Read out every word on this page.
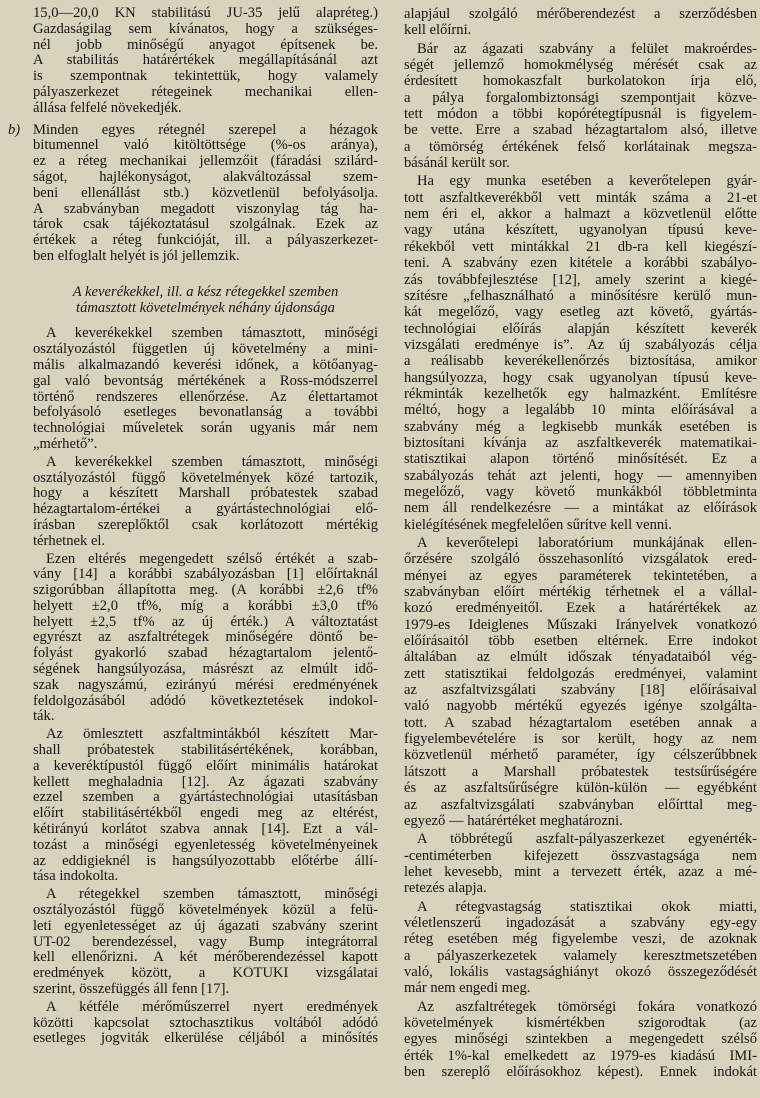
15,0—20,0 KN stabilitású JU-35 jelű alapréteg.)
Gazdaságilag sem kívánatos, hogy a szükséges-
nél jobb minőségű anyagot építsenek be.
A stabilitás határértékek megállapításánál azt
is szempontnak tekintettük, hogy valamely
pályaszerkezet rétegeinek mechanikai ellen-
állása felfelé növekedjék.
b) Minden egyes rétegnél szerepel a hézagok
bitumennel való kitöltöttsége (%-os aránya),
ez a réteg mechanikai jellemzőit (fáradási szilárd-
ságot, hajlékonyságot, alakváltozással szem-
beni ellenállást stb.) közvetlenül befolyásolja.
A szabványban megadott viszonylag tág ha-
tárok csak tájékoztatásul szolgálnak. Ezek az
értékek a réteg funkcióját, ill. a pályaszerkezet-
ben elfoglalt helyét is jól jellemzik.
A keverékekkel, ill. a kész rétegekkel szemben
támasztott követelmények néhány újdonsága
A keverékekkel szemben támasztott, minőségi
osztályozástól független új követelmény a mini-
mális alkalmazandó keverési időnek, a kötőanyag-
gal való bevontság mértékének a Ross-módszerrel
történő rendszeres ellenőrzése. Az élettartamot
befolyásoló esetleges bevonatlanság a további
technológiai műveletek során ugyanis már nem
„mérhető”.
A keverékekkel szemben támasztott, minőségi
osztályozástól függő követelmények közé tartozik,
hogy a készített Marshall próbatestek szabad
hézagtartalom-értékei a gyártástechnológiai elő-
írásban szereplőktől csak korlátozott mértékig
térhetnek el.
Ezen eltérés megengedett szélső értékét a szab-
vány [14] a korábbi szabályozásban [1] előírtaknál
szigorúbban állapította meg. (A korábbi ±2,6 tf%
helyett ±2,0 tf%, míg a korábbi ±3,0 tf%
helyett ±2,5 tf% az új érték.) A változtatást
egyrészt az aszfaltrétegek minőségére döntő be-
folyást gyakorló szabad hézagtartalom jelentő-
ségének hangsúlyozása, másrészt az elmúlt idő-
szak nagyszámú, ezirányú mérési eredményének
feldolgozásából adódó következtetések indokol-
ták.
Az ömlesztett aszfaltmintákból készített Mar-
shall próbatestek stabilitásértékének, korábban,
a keveréktípustól függő előírt minimális határokat
kellett meghaladnia [12]. Az ágazati szabvány
ezzel szemben a gyártástechnológiai utasításban
előírt stabilitásértékből engedi meg az eltérést,
kétirányú korlátot szabva annak [14]. Ezt a vál-
tozást a minőségi egyenletesség követelményeinek
az eddigieknél is hangsúlyozottabb előtérbe állí-
tása indokolta.
A rétegekkel szemben támasztott, minőségi
osztályozástól függő követelmények közül a felü-
leti egyenletességet az új ágazati szabvány szerint
UT-02 berendezéssel, vagy Bump integrátorral
kell ellenőrizni. A két mérőberendezéssel kapott
eredmények között, a KÖTUKI vizsgálatai
szerint, összefüggés áll fenn [17].
A kétféle mérőműszerrel nyert eredmények
közötti kapcsolat sztochasztikus voltából adódó
esetleges jogviták elkerülése céljából a minősítés
alapjául szolgáló mérőberendezést a szerződésben
kell előírni.
Bár az ágazati szabvány a felület makroérdes-
ségét jellemző homokmélység mérését csak az
érdesített homokaszfalt burkolatokon írja elő,
a pálya forgalombiztonsági szempontjait közve-
tett módon a többi kopórétegtípusnál is figyelem-
be vette. Erre a szabad hézagtartalom alsó, illetve
a tömörség értékének felső korlátainak megsza-
básánál került sor.
Ha egy munka esetében a keverőtelepen gyár-
tott aszfaltkeverékből vett minták száma a 21-et
nem éri el, akkor a halmazt a közvetlenül előtte
vagy utána készített, ugyanolyan típusú keve-
rékekből vett mintákkal 21 db-ra kell kiegészí-
teni. A szabvány ezen kitétele a korábbi szabályo-
zás továbbfejlesztése [12], amely szerint a kiegé-
szítésre „felhasználható a minősítésre kerülő mun-
kát megelőző, vagy esetleg azt követő, gyártás-
technológiai előírás alapján készített keverék
vizsgálati eredménye is”. Az új szabályozás célja
a reálisabb keverékellenőrzés biztosítása, amikor
hangsúlyozza, hogy csak ugyanolyan típusú keve-
rékminták kezelhetők egy halmazként. Említésre
méltó, hogy a legalább 10 minta előírásával a
szabvány még a legkisebb munkák esetében is
biztosítani kívánja az aszfaltkeverék matematikai-
statisztikai alapon történő minősítését. Ez a
szabályozás tehát azt jelenti, hogy — amennyiben
megelőző, vagy követő munkákból többletminta
nem áll rendelkezésre — a mintákat az előírások
kielégítésének megfelelően sűrítve kell venni.
A keverőtelepi laboratórium munkájának ellen-
őrzésére szolgáló összehasonlító vizsgálatok ered-
ményei az egyes paraméterek tekintetében, a
szabványban előírt mértékig térhetnek el a vállal-
kozó eredményeitől. Ezek a határértékek az
1979-es Ideiglenes Műszaki Irányelvek vonatkozó
előírásaitól több esetben eltérnek. Erre indokot
általában az elmúlt időszak tényadataiból vég-
zett statisztikai feldolgozás eredményei, valamint
az aszfaltvizsgálati szabvány [18] előírásaival
való nagyobb mértékű egyezés igénye szolgálta-
tott. A szabad hézagtartalom esetében annak a
figyelembevételére is sor került, hogy az nem
közvetlenül mérhető paraméter, így célszerűbbnek
látszott a Marshall próbatestek testsűrűségére
és az aszfaltsűrűségre külön-külön — egyébként
az aszfaltvizsgálati szabványban előírttal meg-
egyező — határértéket meghatározni.
A többrétegű aszfalt-pályaszerkezet egyenérték-
-centiméterben kifejezett összvastagsága nem
lehet kevesebb, mint a tervezett érték, azaz a mé-
retezés alapja.
A rétegvastagság statisztikai okok miatti,
véletlenszerű ingadozását a szabvány egy-egy
réteg esetében még figyelembe veszi, de azoknak
a pályaszerkezetek valamely keresztmetszetében
való, lokális vastagsághiányt okozó összegeződését
már nem engedi meg.
Az aszfaltrétegek tömörségi fokára vonatkozó
követelmények kismértékben szigorodtak (az
egyes minőségi szintekben a megengedett szélső
érték 1%-kal emelkedett az 1979-es kiadású IMI-
ben szereplő előírásokhoz képest). Ennek indokát
